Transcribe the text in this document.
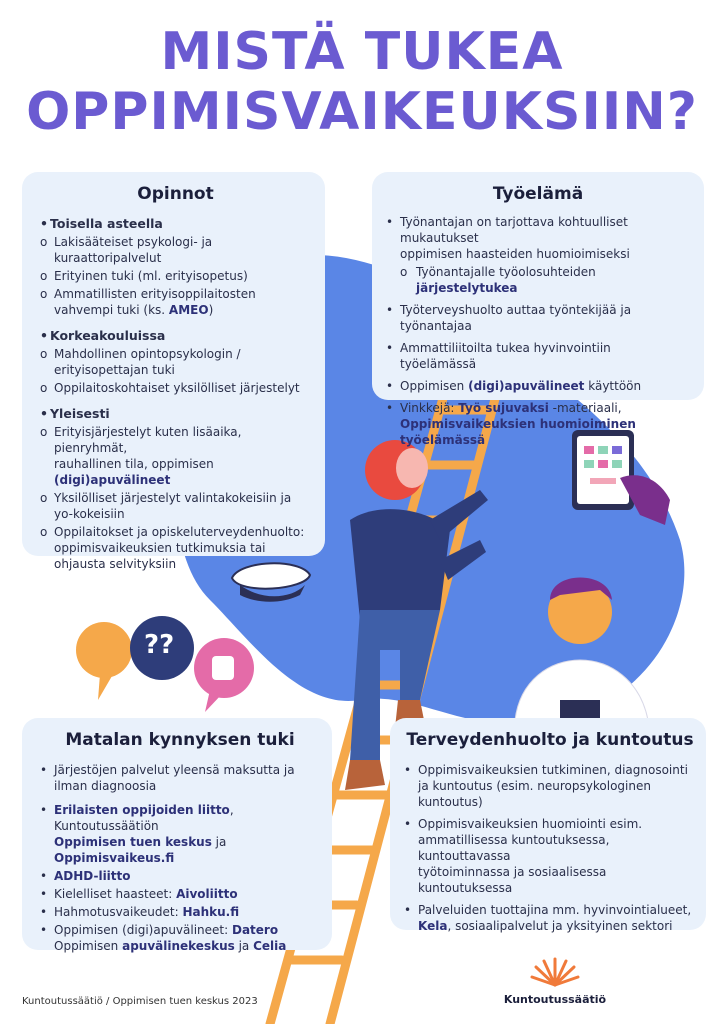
MISTÄ TUKEA
OPPIMISVAIKEUKSIIN?
??
Opinnot
• Toisella asteella
o Lakisääteiset psykologi- ja kuraattoripalvelut
o Erityinen tuki (ml. erityisopetus)
o Ammatillisten erityisoppilaitosten
vahvempi tuki (ks. AMEO)
• Korkeakouluissa
o Mahdollinen opintopsykologin /
erityisopettajan tuki
o Oppilaitoskohtaiset yksilölliset järjestelyt
• Yleisesti
o Erityisjärjestelyt kuten lisäaika, pienryhmät,
rauhallinen tila, oppimisen (digi)apuvälineet
o Yksilölliset järjestelyt valintakokeisiin ja
yo-kokeisiin
o Oppilaitokset ja opiskeluterveydenhuolto:
oppimisvaikeuksien tutkimuksia tai
ohjausta selvityksiin
Työelämä
• Työnantajan on tarjottava kohtuulliset mukautukset
oppimisen haasteiden huomioimiseksi
o Työnantajalle työolosuhteiden järjestelytukea
• Työterveyshuolto auttaa työntekijää ja työnantajaa
• Ammattiliitoilta tukea hyvinvointiin työelämässä
• Oppimisen (digi)apuvälineet käyttöön
• Vinkkejä: Työ sujuvaksi -materiaali,
Oppimisvaikeuksien huomioiminen työelämässä
Matalan kynnyksen tuki
• Järjestöjen palvelut yleensä maksutta ja
ilman diagnoosia
• Erilaisten oppijoiden liitto, Kuntoutussäätiön
Oppimisen tuen keskus ja Oppimisvaikeus.fi
• ADHD-liitto
• Kielelliset haasteet: Aivoliitto
• Hahmotusvaikeudet: Hahku.fi
• Oppimisen (digi)apuvälineet: Datero
Oppimisen apuvälinekeskus ja Celia
Terveydenhuolto ja kuntoutus
• Oppimisvaikeuksien tutkiminen, diagnosointi
ja kuntoutus (esim. neuropsykologinen
kuntoutus)
• Oppimisvaikeuksien huomiointi esim.
ammatillisessa kuntoutuksessa, kuntouttavassa
työtoiminnassa ja sosiaalisessa kuntoutuksessa
• Palveluiden tuottajina mm. hyvinvointialueet,
Kela, sosiaalipalvelut ja yksityinen sektori
Kuntoutussäätiö / Oppimisen tuen keskus 2023	Kuntoutussäätiö
